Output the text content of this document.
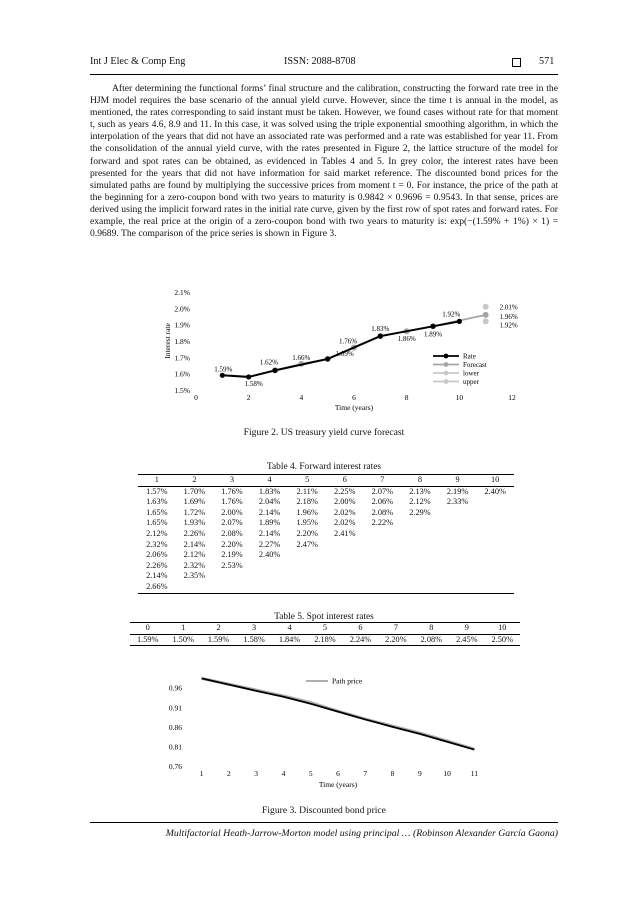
Int J Elec & Comp Eng	ISSN: 2088-8708	571

After determining the functional forms’ final structure and the calibration, constructing the forward rate tree in the HJM model requires the base scenario of the annual yield curve. However, since the time t is annual in the model, as mentioned, the rates corresponding to said instant must be taken. However, we found cases without rate for that moment t, such as years 4.6, 8.9 and 11. In this case, it was solved using the triple exponential smoothing algorithm, in which the interpolation of the years that did not have an associated rate was performed and a rate was established for year 11. From the consolidation of the annual yield curve, with the rates presented in Figure 2, the lattice structure of the model for forward and spot rates can be obtained, as evidenced in Tables 4 and 5. In grey color, the interest rates have been presented for the years that did not have information for said market reference. The discounted bond prices for the simulated paths are found by multiplying the successive prices from moment t = 0. For instance, the price of the path at the beginning for a zero-coupon bond with two years to maturity is 0.9842 × 0.9696 = 0.9543. In that sense, prices are derived using the implicit forward rates in the initial rate curve, given by the first row of spot rates and forward rates. For example, the real price at the origin of a zero-coupon bond with two years to maturity is: exp(−(1.59% + 1%) × 1) = 0.9689. The comparison of the price series is shown in Figure 3.

1.5%
1.6%
1.7%
1.8%
1.9%
2.0%
2.1%
0	2	4	6	8	10	12
Time (years)
Interest rate
1.59%
1.58%
1.62%
1.66%	1.69%
1.76%
1.83%
1.86%
1.89%
1.92%
2.01%
1.96%
1.92%
Rate
Forecast
lower
upper
Figure 2. US treasury yield curve forecast
Table 4. Forward interest rates
1	2	3	4	5	6	7	8	9	10
1.57%	1.70%	1.76%	1.83%	2.11%	2.25%	2.07%	2.13%	2.19%	2.40%
1.63%	1.69%	1.76%	2.04%	2.18%	2.00%	2.06%	2.12%	2.33%	
1.65%	1.72%	2.00%	2.14%	1.96%	2.02%	2.08%	2.29%		
1.65%	1.93%	2.07%	1.89%	1.95%	2.02%	2.22%			
2.12%	2.26%	2.08%	2.14%	2.20%	2.41%				
2.32%	2.14%	2.20%	2.27%	2.47%					
2.06%	2.12%	2.19%	2.40%						
2.26%	2.32%	2.53%							
2.14%	2.35%								
2.66%									
Table 5. Spot interest rates
0	1	2	3	4	5	6	7	8	9	10
1.59%	1.50%	1.59%	1.58%	1.84%	2.18%	2.24%	2.20%	2.08%	2.45%	2.50%
0.76
0.81
0.86
0.91
0.96
1	2	3	4	5	6	7	8	9	10	11
Time (years)
Path price
Figure 3. Discounted bond price
Multifactorial Heath-Jarrow-Morton model using principal … (Robinson Alexander García Gaona)
